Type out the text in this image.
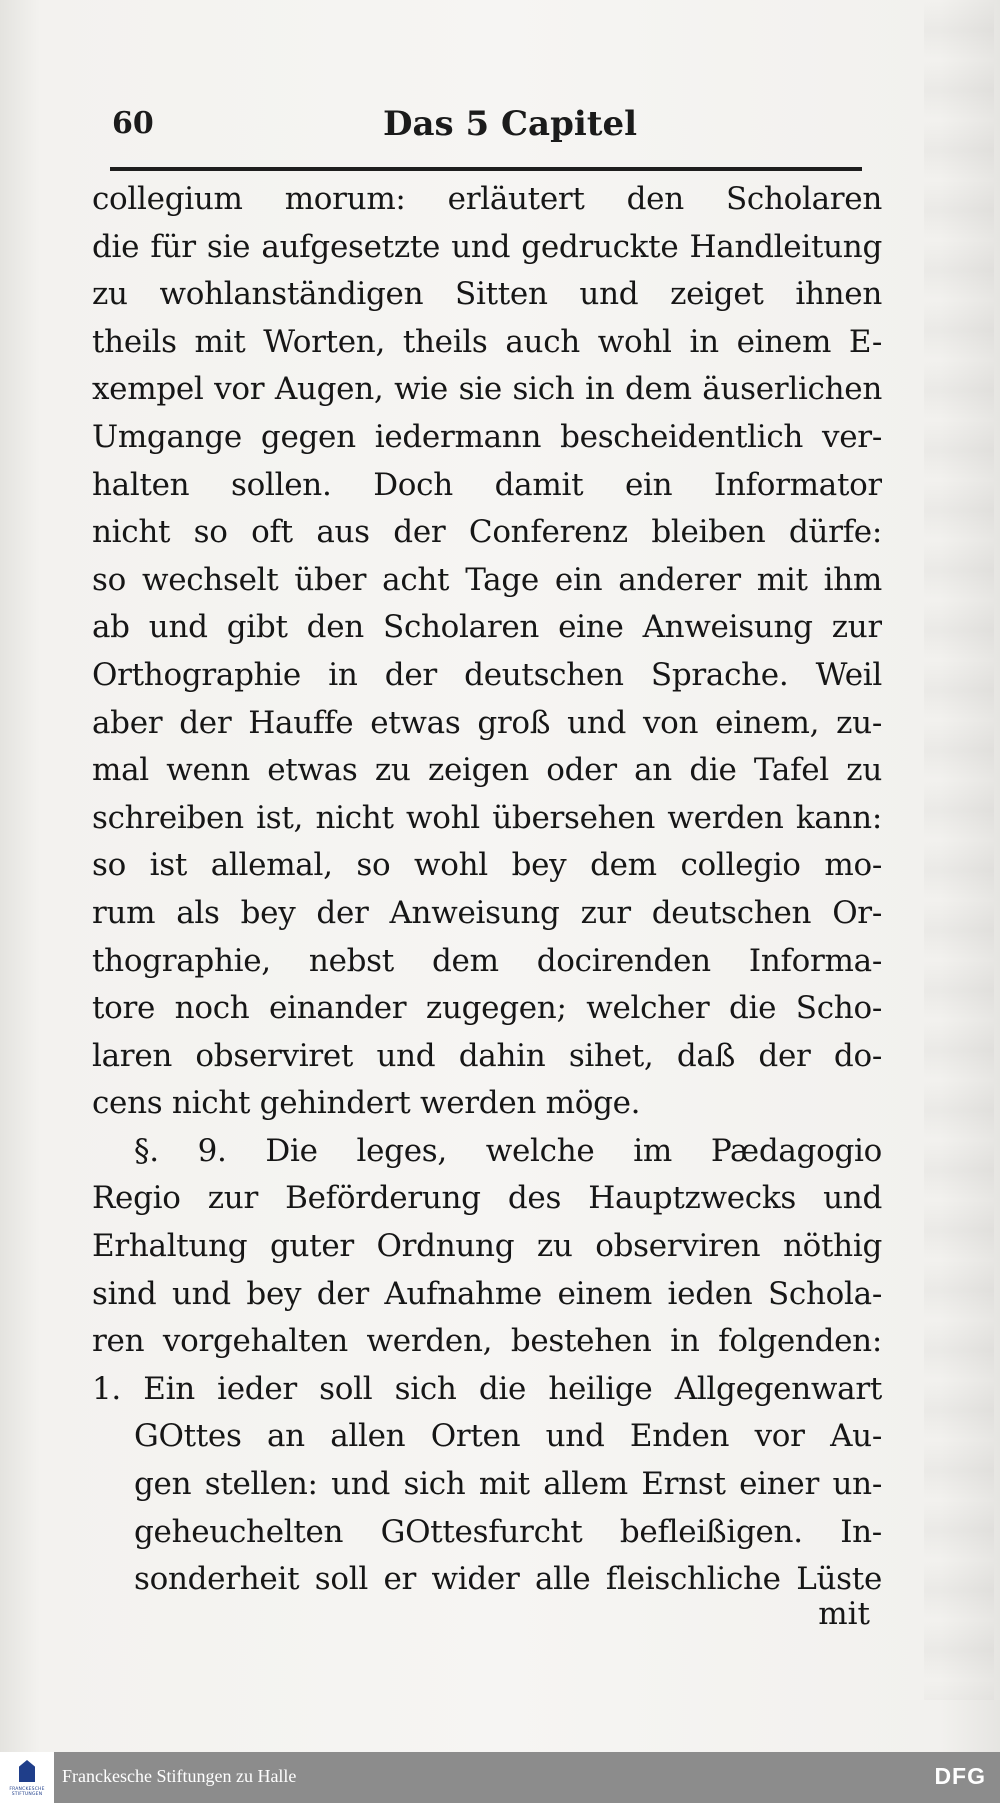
60	Das 5 Capitel
collegium morum: erläutert den Scholaren
die für sie aufgesetzte und gedruckte Handleitung
zu wohlanständigen Sitten und zeiget ihnen
theils mit Worten, theils auch wohl in einem E-
xempel vor Augen, wie sie sich in dem äuserlichen
Umgange gegen iedermann bescheidentlich ver-
halten sollen. Doch damit ein Informator
nicht so oft aus der Conferenz bleiben dürfe:
so wechselt über acht Tage ein anderer mit ihm
ab und gibt den Scholaren eine Anweisung zur
Orthographie in der deutschen Sprache. Weil
aber der Hauffe etwas groß und von einem, zu-
mal wenn etwas zu zeigen oder an die Tafel zu
schreiben ist, nicht wohl übersehen werden kann:
so ist allemal, so wohl bey dem collegio mo-
rum als bey der Anweisung zur deutschen Or-
thographie, nebst dem docirenden Informa-
tore noch einander zugegen; welcher die Scho-
laren observiret und dahin sihet, daß der do-
cens nicht gehindert werden möge.
§. 9. Die leges, welche im Pædagogio
Regio zur Beförderung des Hauptzwecks und
Erhaltung guter Ordnung zu observiren nöthig
sind und bey der Aufnahme einem ieden Schola-
ren vorgehalten werden, bestehen in folgenden:
1. Ein ieder soll sich die heilige Allgegenwart
GOttes an allen Orten und Enden vor Au-
gen stellen: und sich mit allem Ernst einer un-
geheuchelten GOttesfurcht befleißigen. In-
sonderheit soll er wider alle fleischliche Lüste
mit
FRANCKESCHE STIFTUNGEN
Franckesche Stiftungen zu Halle	DFG
